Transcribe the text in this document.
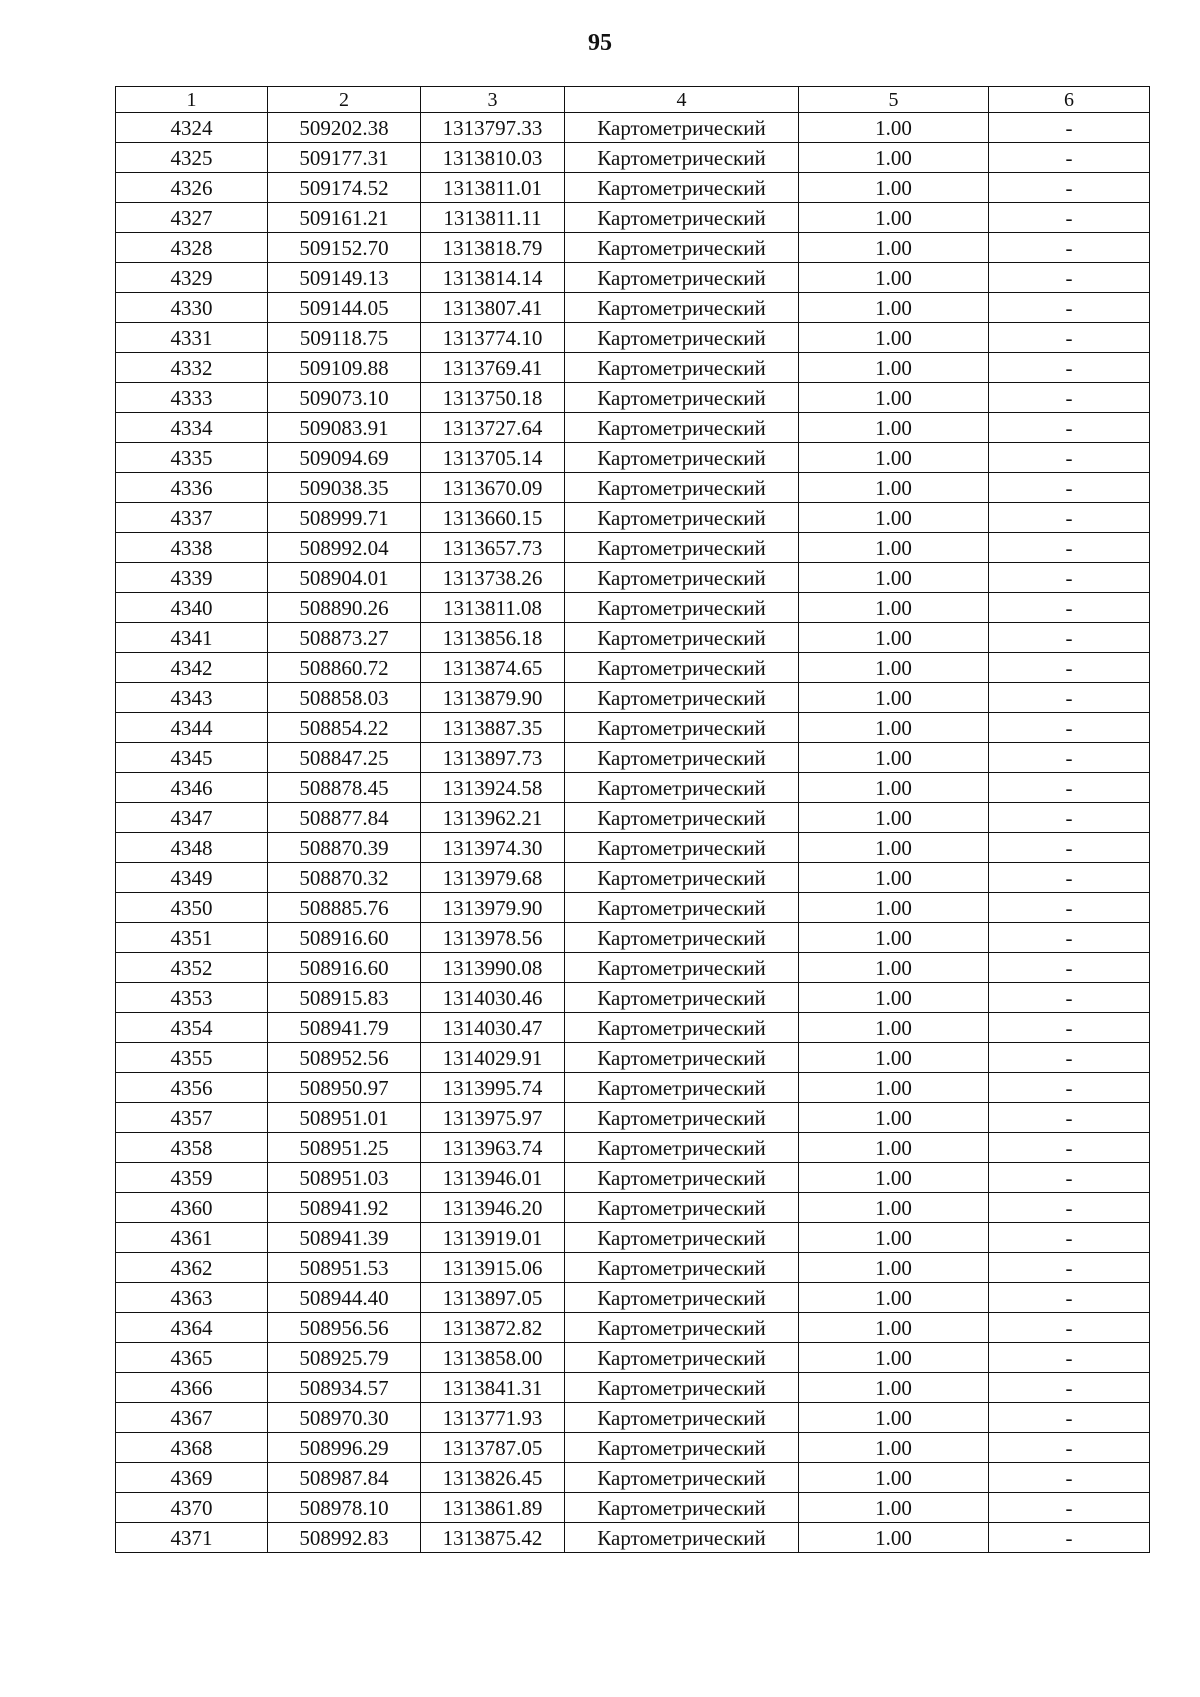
95
1	2	3	4	5	6
4324	509202.38	1313797.33	Картометрический	1.00	-
4325	509177.31	1313810.03	Картометрический	1.00	-
4326	509174.52	1313811.01	Картометрический	1.00	-
4327	509161.21	1313811.11	Картометрический	1.00	-
4328	509152.70	1313818.79	Картометрический	1.00	-
4329	509149.13	1313814.14	Картометрический	1.00	-
4330	509144.05	1313807.41	Картометрический	1.00	-
4331	509118.75	1313774.10	Картометрический	1.00	-
4332	509109.88	1313769.41	Картометрический	1.00	-
4333	509073.10	1313750.18	Картометрический	1.00	-
4334	509083.91	1313727.64	Картометрический	1.00	-
4335	509094.69	1313705.14	Картометрический	1.00	-
4336	509038.35	1313670.09	Картометрический	1.00	-
4337	508999.71	1313660.15	Картометрический	1.00	-
4338	508992.04	1313657.73	Картометрический	1.00	-
4339	508904.01	1313738.26	Картометрический	1.00	-
4340	508890.26	1313811.08	Картометрический	1.00	-
4341	508873.27	1313856.18	Картометрический	1.00	-
4342	508860.72	1313874.65	Картометрический	1.00	-
4343	508858.03	1313879.90	Картометрический	1.00	-
4344	508854.22	1313887.35	Картометрический	1.00	-
4345	508847.25	1313897.73	Картометрический	1.00	-
4346	508878.45	1313924.58	Картометрический	1.00	-
4347	508877.84	1313962.21	Картометрический	1.00	-
4348	508870.39	1313974.30	Картометрический	1.00	-
4349	508870.32	1313979.68	Картометрический	1.00	-
4350	508885.76	1313979.90	Картометрический	1.00	-
4351	508916.60	1313978.56	Картометрический	1.00	-
4352	508916.60	1313990.08	Картометрический	1.00	-
4353	508915.83	1314030.46	Картометрический	1.00	-
4354	508941.79	1314030.47	Картометрический	1.00	-
4355	508952.56	1314029.91	Картометрический	1.00	-
4356	508950.97	1313995.74	Картометрический	1.00	-
4357	508951.01	1313975.97	Картометрический	1.00	-
4358	508951.25	1313963.74	Картометрический	1.00	-
4359	508951.03	1313946.01	Картометрический	1.00	-
4360	508941.92	1313946.20	Картометрический	1.00	-
4361	508941.39	1313919.01	Картометрический	1.00	-
4362	508951.53	1313915.06	Картометрический	1.00	-
4363	508944.40	1313897.05	Картометрический	1.00	-
4364	508956.56	1313872.82	Картометрический	1.00	-
4365	508925.79	1313858.00	Картометрический	1.00	-
4366	508934.57	1313841.31	Картометрический	1.00	-
4367	508970.30	1313771.93	Картометрический	1.00	-
4368	508996.29	1313787.05	Картометрический	1.00	-
4369	508987.84	1313826.45	Картометрический	1.00	-
4370	508978.10	1313861.89	Картометрический	1.00	-
4371	508992.83	1313875.42	Картометрический	1.00	-
